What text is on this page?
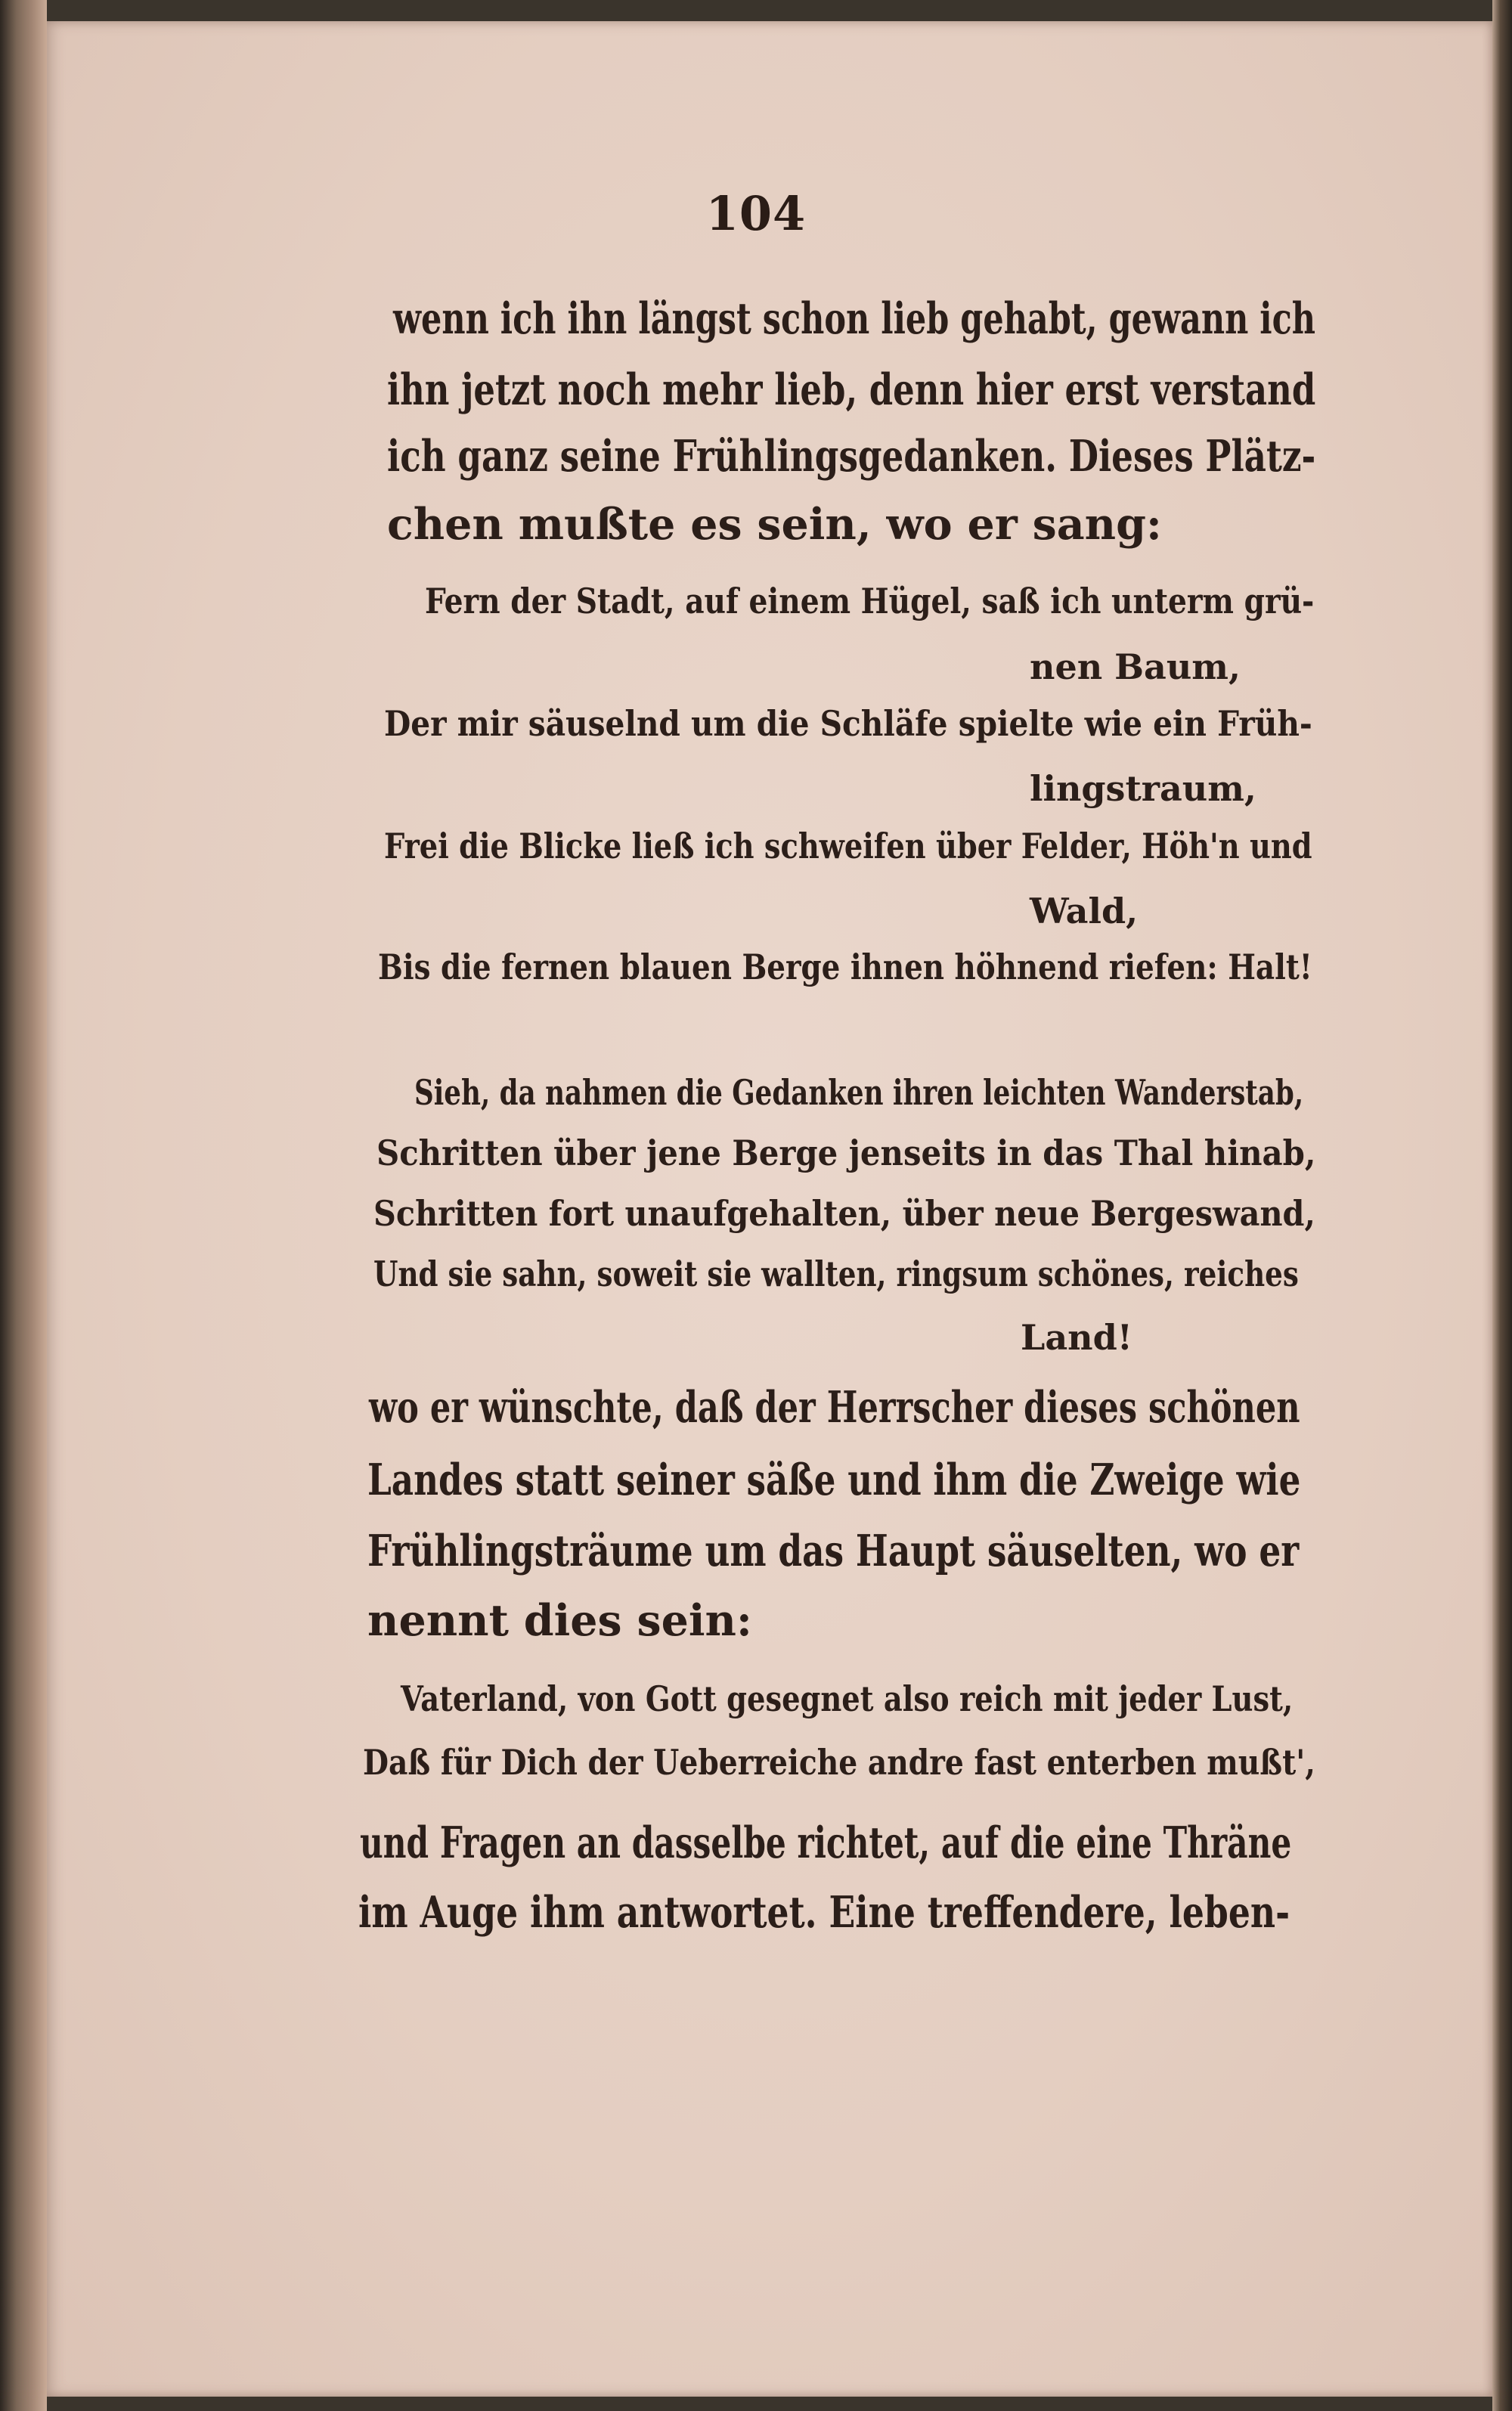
104
wenn ich ihn längst schon lieb gehabt, gewann ich
ihn jetzt noch mehr lieb, denn hier erst verstand
ich ganz seine Frühlingsgedanken. Dieses Plätz-
chen mußte es sein, wo er sang:
Fern der Stadt, auf einem Hügel, saß ich unterm grü-
nen Baum,
Der mir säuselnd um die Schläfe spielte wie ein Früh-
lingstraum,
Frei die Blicke ließ ich schweifen über Felder, Höh'n und
Wald,
Bis die fernen blauen Berge ihnen höhnend riefen: Halt!
Sieh, da nahmen die Gedanken ihren leichten Wanderstab,
Schritten über jene Berge jenseits in das Thal hinab,
Schritten fort unaufgehalten, über neue Bergeswand,
Und sie sahn, soweit sie wallten, ringsum schönes, reiches
Land!
wo er wünschte, daß der Herrscher dieses schönen
Landes statt seiner säße und ihm die Zweige wie
Frühlingsträume um das Haupt säuselten, wo er
nennt dies sein:
Vaterland, von Gott gesegnet also reich mit jeder Lust,
Daß für Dich der Ueberreiche andre fast enterben mußt',
und Fragen an dasselbe richtet, auf die eine Thräne
im Auge ihm antwortet. Eine treffendere, leben-
